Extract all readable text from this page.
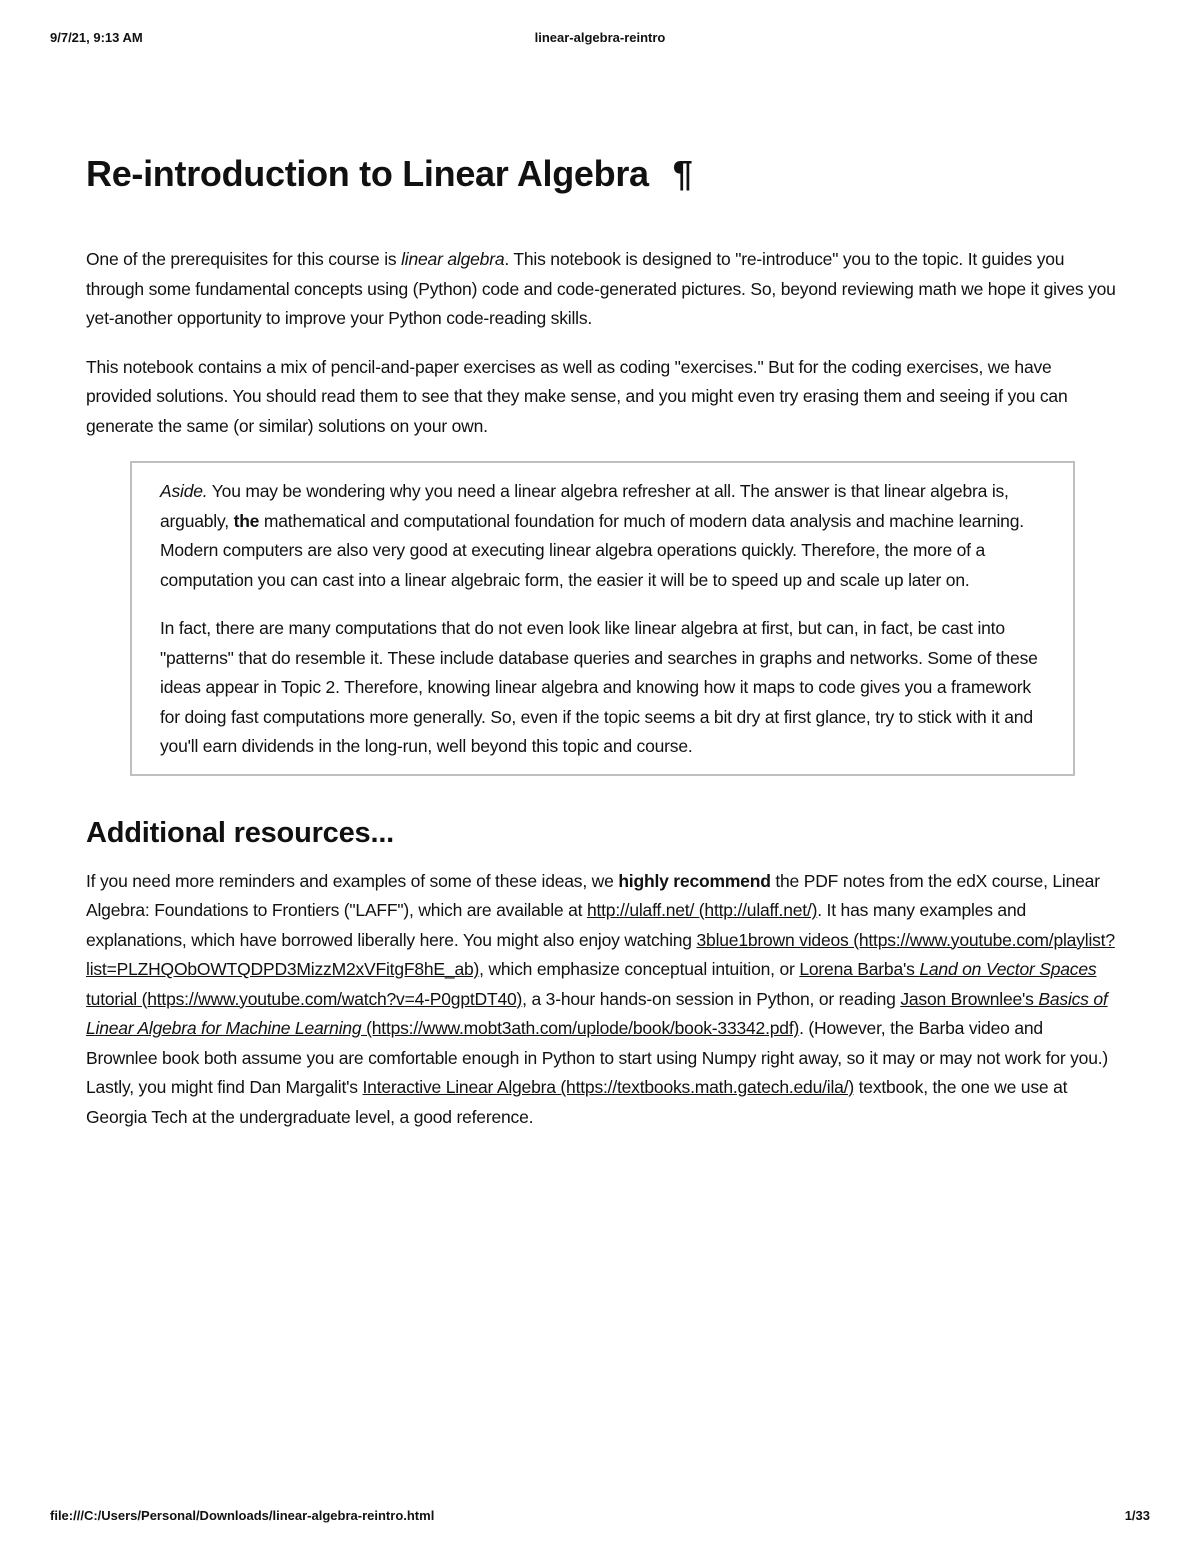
9/7/21, 9:13 AM	linear-algebra-reintro
Re-introduction to Linear Algebra ¶

One of the prerequisites for this course is linear algebra. This notebook is designed to "re-introduce" you to the topic. It guides you through some fundamental concepts using (Python) code and code-generated pictures. So, beyond reviewing math we hope it gives you yet-another opportunity to improve your Python code-reading skills.

This notebook contains a mix of pencil-and-paper exercises as well as coding "exercises." But for the coding exercises, we have provided solutions. You should read them to see that they make sense, and you might even try erasing them and seeing if you can generate the same (or similar) solutions on your own.

Aside. You may be wondering why you need a linear algebra refresher at all. The answer is that linear algebra is, arguably, the mathematical and computational foundation for much of modern data analysis and machine learning. Modern computers are also very good at executing linear algebra operations quickly. Therefore, the more of a computation you can cast into a linear algebraic form, the easier it will be to speed up and scale up later on.

In fact, there are many computations that do not even look like linear algebra at first, but can, in fact, be cast into "patterns" that do resemble it. These include database queries and searches in graphs and networks. Some of these ideas appear in Topic 2. Therefore, knowing linear algebra and knowing how it maps to code gives you a framework for doing fast computations more generally. So, even if the topic seems a bit dry at first glance, try to stick with it and you'll earn dividends in the long-run, well beyond this topic and course.

Additional resources...

If you need more reminders and examples of some of these ideas, we highly recommend the PDF notes from the edX course, Linear Algebra: Foundations to Frontiers ("LAFF"), which are available at http://ulaff.net/ (http://ulaff.net/). It has many examples and explanations, which have borrowed liberally here. You might also enjoy watching 3blue1brown videos (https://www.youtube.com/playlist?list=PLZHQObOWTQDPD3MizzM2xVFitgF8hE_ab), which emphasize conceptual intuition, or Lorena Barba's Land on Vector Spaces tutorial (https://www.youtube.com/watch?v=4-P0gptDT40), a 3-hour hands-on session in Python, or reading Jason Brownlee's Basics of Linear Algebra for Machine Learning (https://www.mobt3ath.com/uplode/book/book-33342.pdf). (However, the Barba video and Brownlee book both assume you are comfortable enough in Python to start using Numpy right away, so it may or may not work for you.) Lastly, you might find Dan Margalit's Interactive Linear Algebra (https://textbooks.math.gatech.edu/ila/) textbook, the one we use at Georgia Tech at the undergraduate level, a good reference.

file:///C:/Users/Personal/Downloads/linear-algebra-reintro.html	1/33
